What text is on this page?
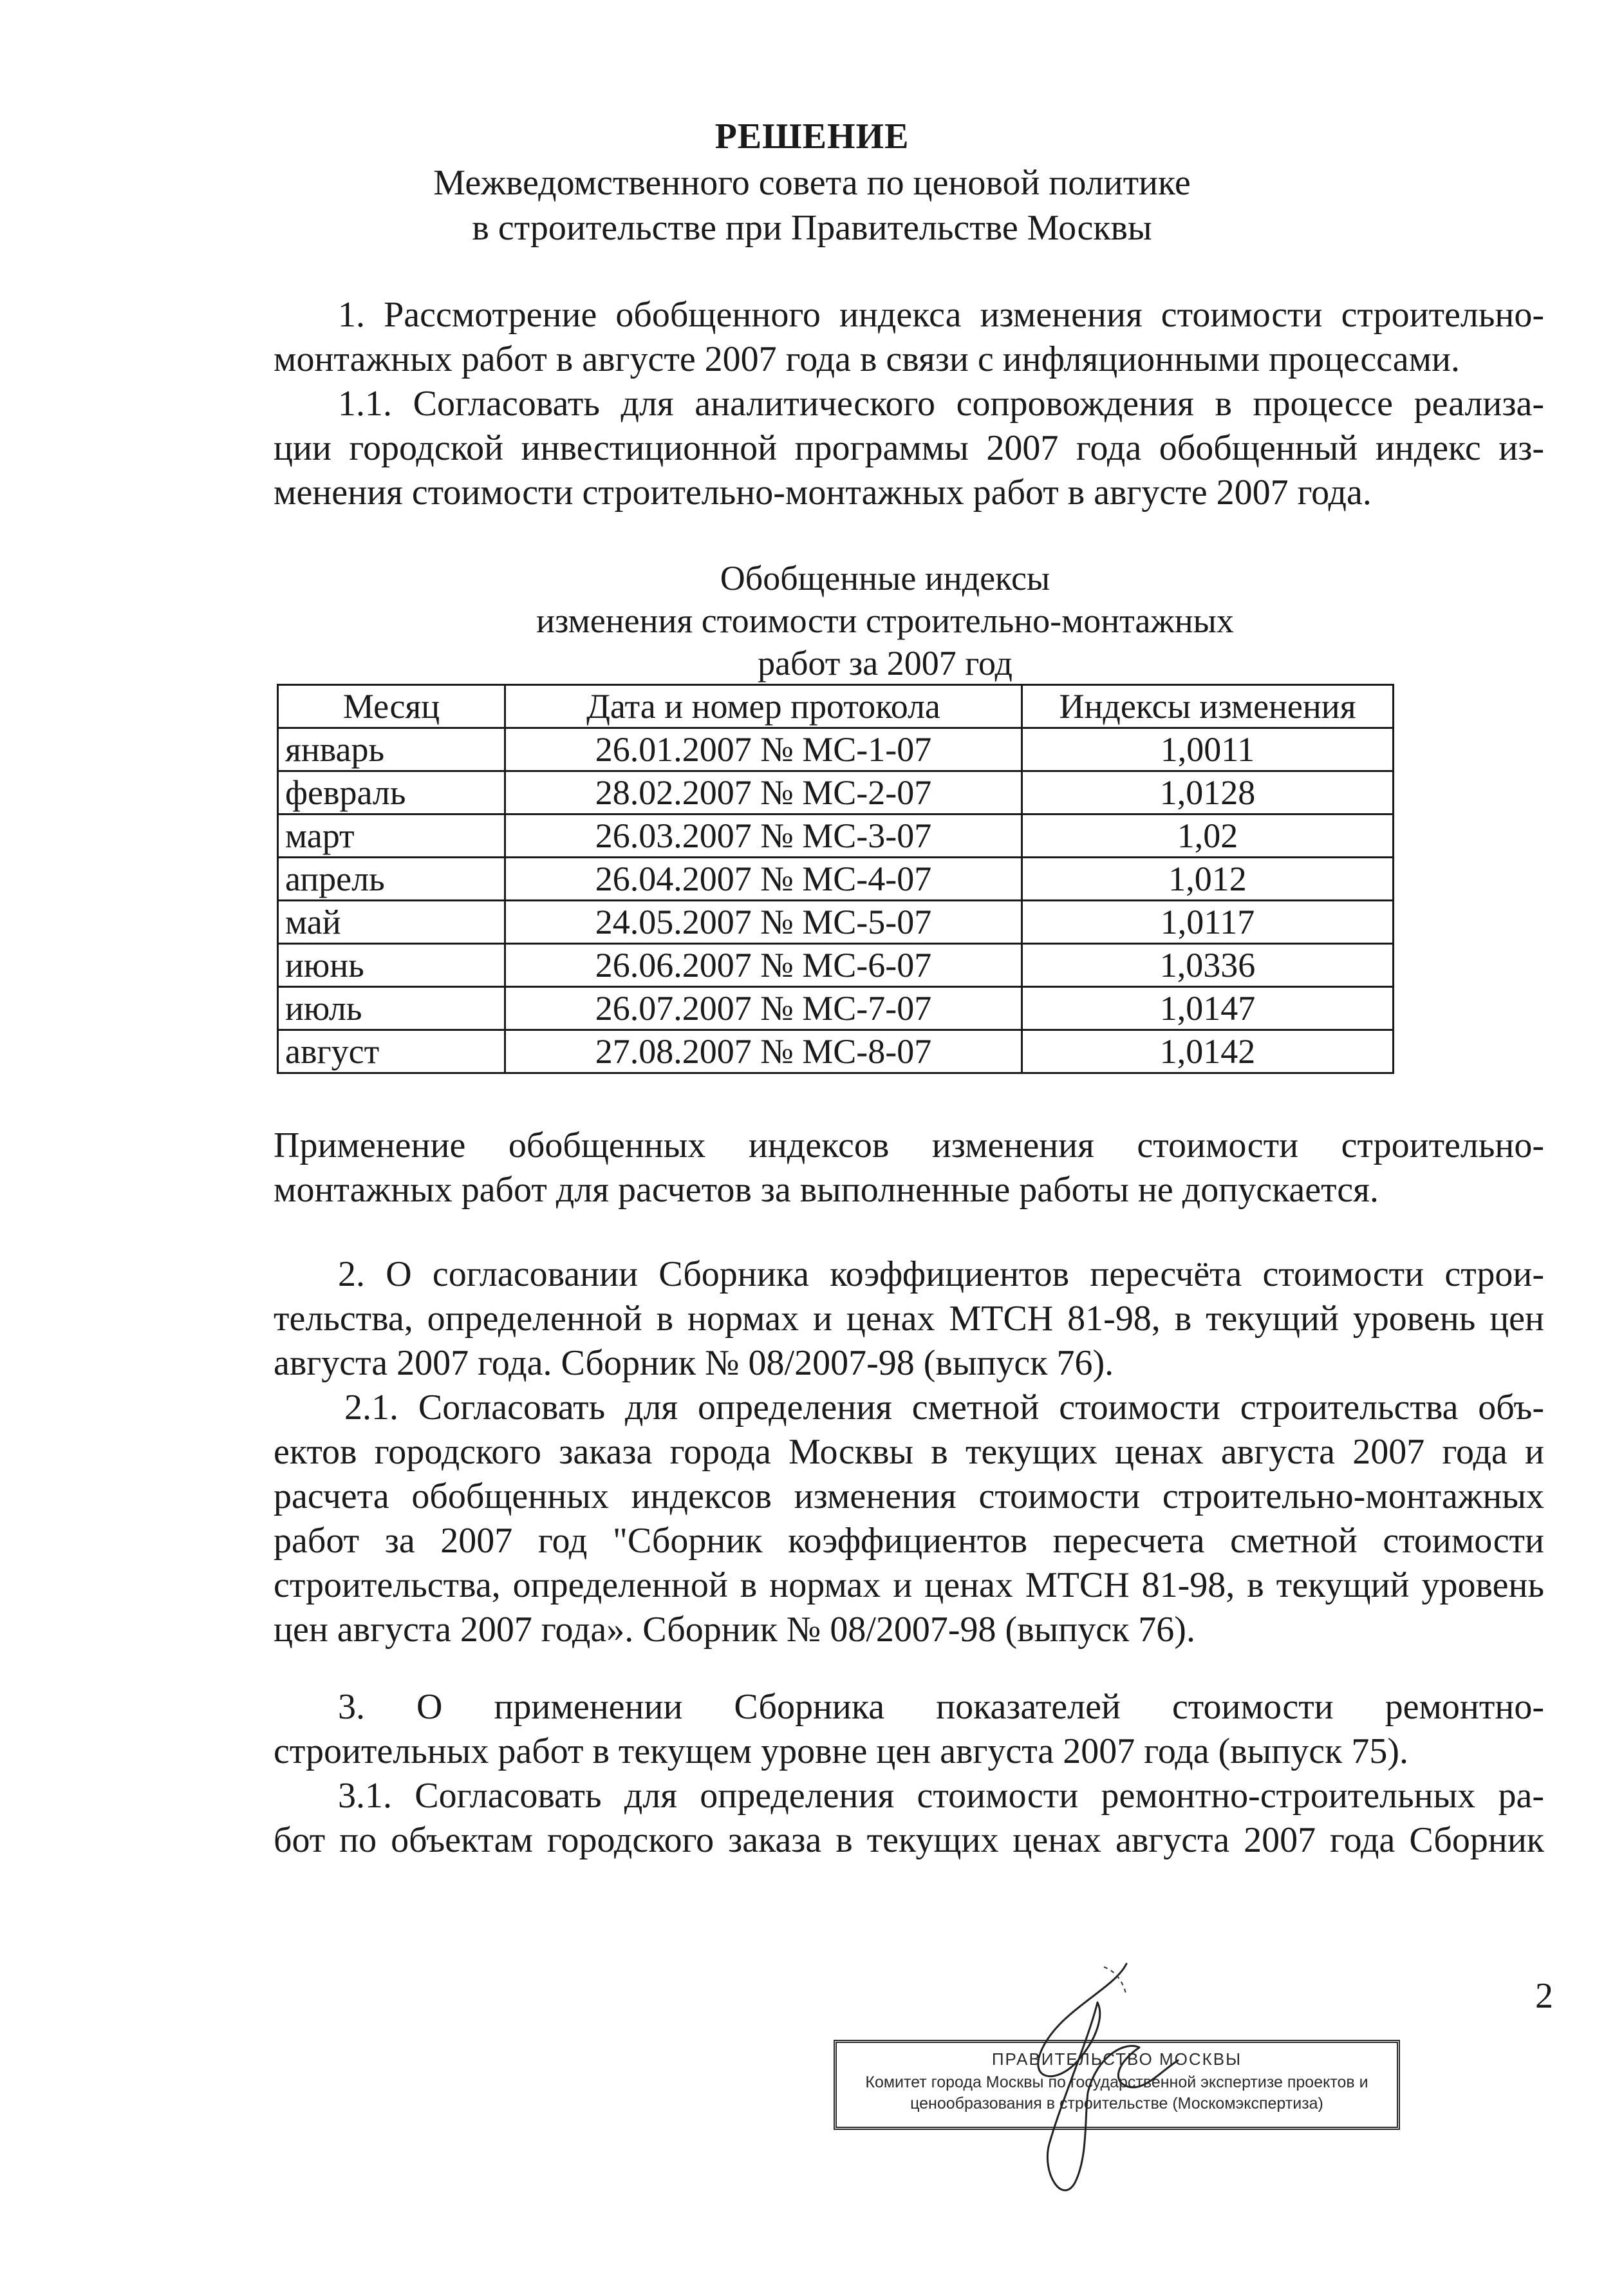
РЕШЕНИЕ
Межведомственного совета по ценовой политике
в строительстве при Правительстве Москвы
1. Рассмотрение обобщенного индекса изменения стоимости строительно-
монтажных работ в августе 2007 года в связи с инфляционными процессами.
1.1. Согласовать для аналитического сопровождения в процессе реализа-
ции городской инвестиционной программы 2007 года обобщенный индекс из-
менения стоимости строительно-монтажных работ в августе 2007 года.
Обобщенные индексы
изменения стоимости строительно-монтажных
работ за 2007 год
Месяц	Дата и номер протокола	Индексы изменения
январь	26.01.2007 № МС-1-07	1,0011
февраль	28.02.2007 № МС-2-07	1,0128
март	26.03.2007 № МС-3-07	1,02
апрель	26.04.2007 № МС-4-07	1,012
май	24.05.2007 № МС-5-07	1,0117
июнь	26.06.2007 № МС-6-07	1,0336
июль	26.07.2007 № МС-7-07	1,0147
август	27.08.2007 № МС-8-07	1,0142
Применение обобщенных индексов изменения стоимости строительно-
монтажных работ для расчетов за выполненные работы не допускается.
2. О согласовании Сборника коэффициентов пересчёта стоимости строи-
тельства, определенной в нормах и ценах МТСН 81-98, в текущий уровень цен
августа 2007 года. Сборник № 08/2007-98 (выпуск 76).
2.1. Согласовать для определения сметной стоимости строительства объ-
ектов городского заказа города Москвы в текущих ценах августа 2007 года и
расчета обобщенных индексов изменения стоимости строительно-монтажных
работ за 2007 год "Сборник коэффициентов пересчета сметной стоимости
строительства, определенной в нормах и ценах МТСН 81-98, в текущий уровень
цен августа 2007 года». Сборник № 08/2007-98 (выпуск 76).
3. О применении Сборника показателей стоимости ремонтно-
строительных работ в текущем уровне цен августа 2007 года (выпуск 75).
3.1. Согласовать для определения стоимости ремонтно-строительных ра-
бот по объектам городского заказа в текущих ценах августа 2007 года Сборник
2
ПРАВИТЕЛЬСТВО МОСКВЫ
Комитет города Москвы по государственной экспертизе проектов и
ценообразования в строительстве (Москомэкспертиза)
